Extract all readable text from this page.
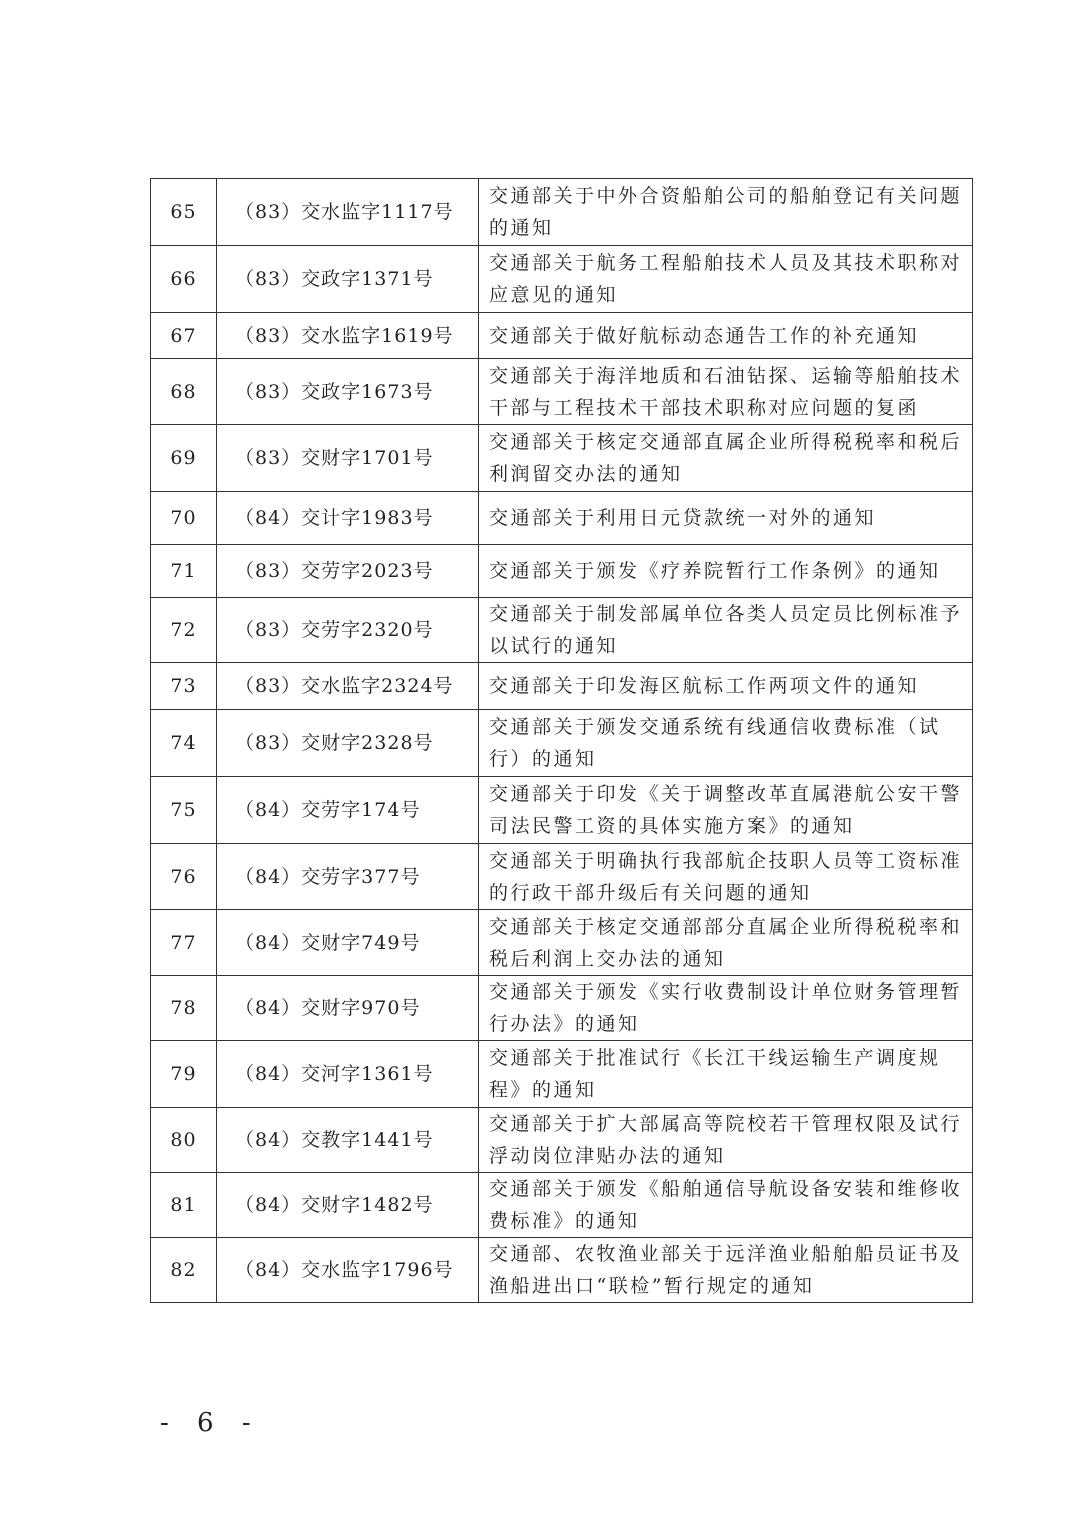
65	（83）交水监字1117号	交通部关于中外合资船舶公司的船舶登记有关问题的通知
66	（83）交政字1371号	交通部关于航务工程船舶技术人员及其技术职称对应意见的通知
67	（83）交水监字1619号	交通部关于做好航标动态通告工作的补充通知
68	（83）交政字1673号	交通部关于海洋地质和石油钻探、运输等船舶技术干部与工程技术干部技术职称对应问题的复函
69	（83）交财字1701号	交通部关于核定交通部直属企业所得税税率和税后利润留交办法的通知
70	（84）交计字1983号	交通部关于利用日元贷款统一对外的通知
71	（83）交劳字2023号	交通部关于颁发《疗养院暂行工作条例》的通知
72	（83）交劳字2320号	交通部关于制发部属单位各类人员定员比例标准予以试行的通知
73	（83）交水监字2324号	交通部关于印发海区航标工作两项文件的通知
74	（83）交财字2328号	交通部关于颁发交通系统有线通信收费标准（试行）的通知
75	（84）交劳字174号	交通部关于印发《关于调整改革直属港航公安干警司法民警工资的具体实施方案》的通知
76	（84）交劳字377号	交通部关于明确执行我部航企技职人员等工资标准的行政干部升级后有关问题的通知
77	（84）交财字749号	交通部关于核定交通部部分直属企业所得税税率和税后利润上交办法的通知
78	（84）交财字970号	交通部关于颁发《实行收费制设计单位财务管理暂行办法》的通知
79	（84）交河字1361号	交通部关于批准试行《长江干线运输生产调度规程》的通知
80	（84）交教字1441号	交通部关于扩大部属高等院校若干管理权限及试行浮动岗位津贴办法的通知
81	（84）交财字1482号	交通部关于颁发《船舶通信导航设备安装和维修收费标准》的通知
82	（84）交水监字1796号	交通部、农牧渔业部关于远洋渔业船舶船员证书及渔船进出口“联检”暂行规定的通知
- 6 -
